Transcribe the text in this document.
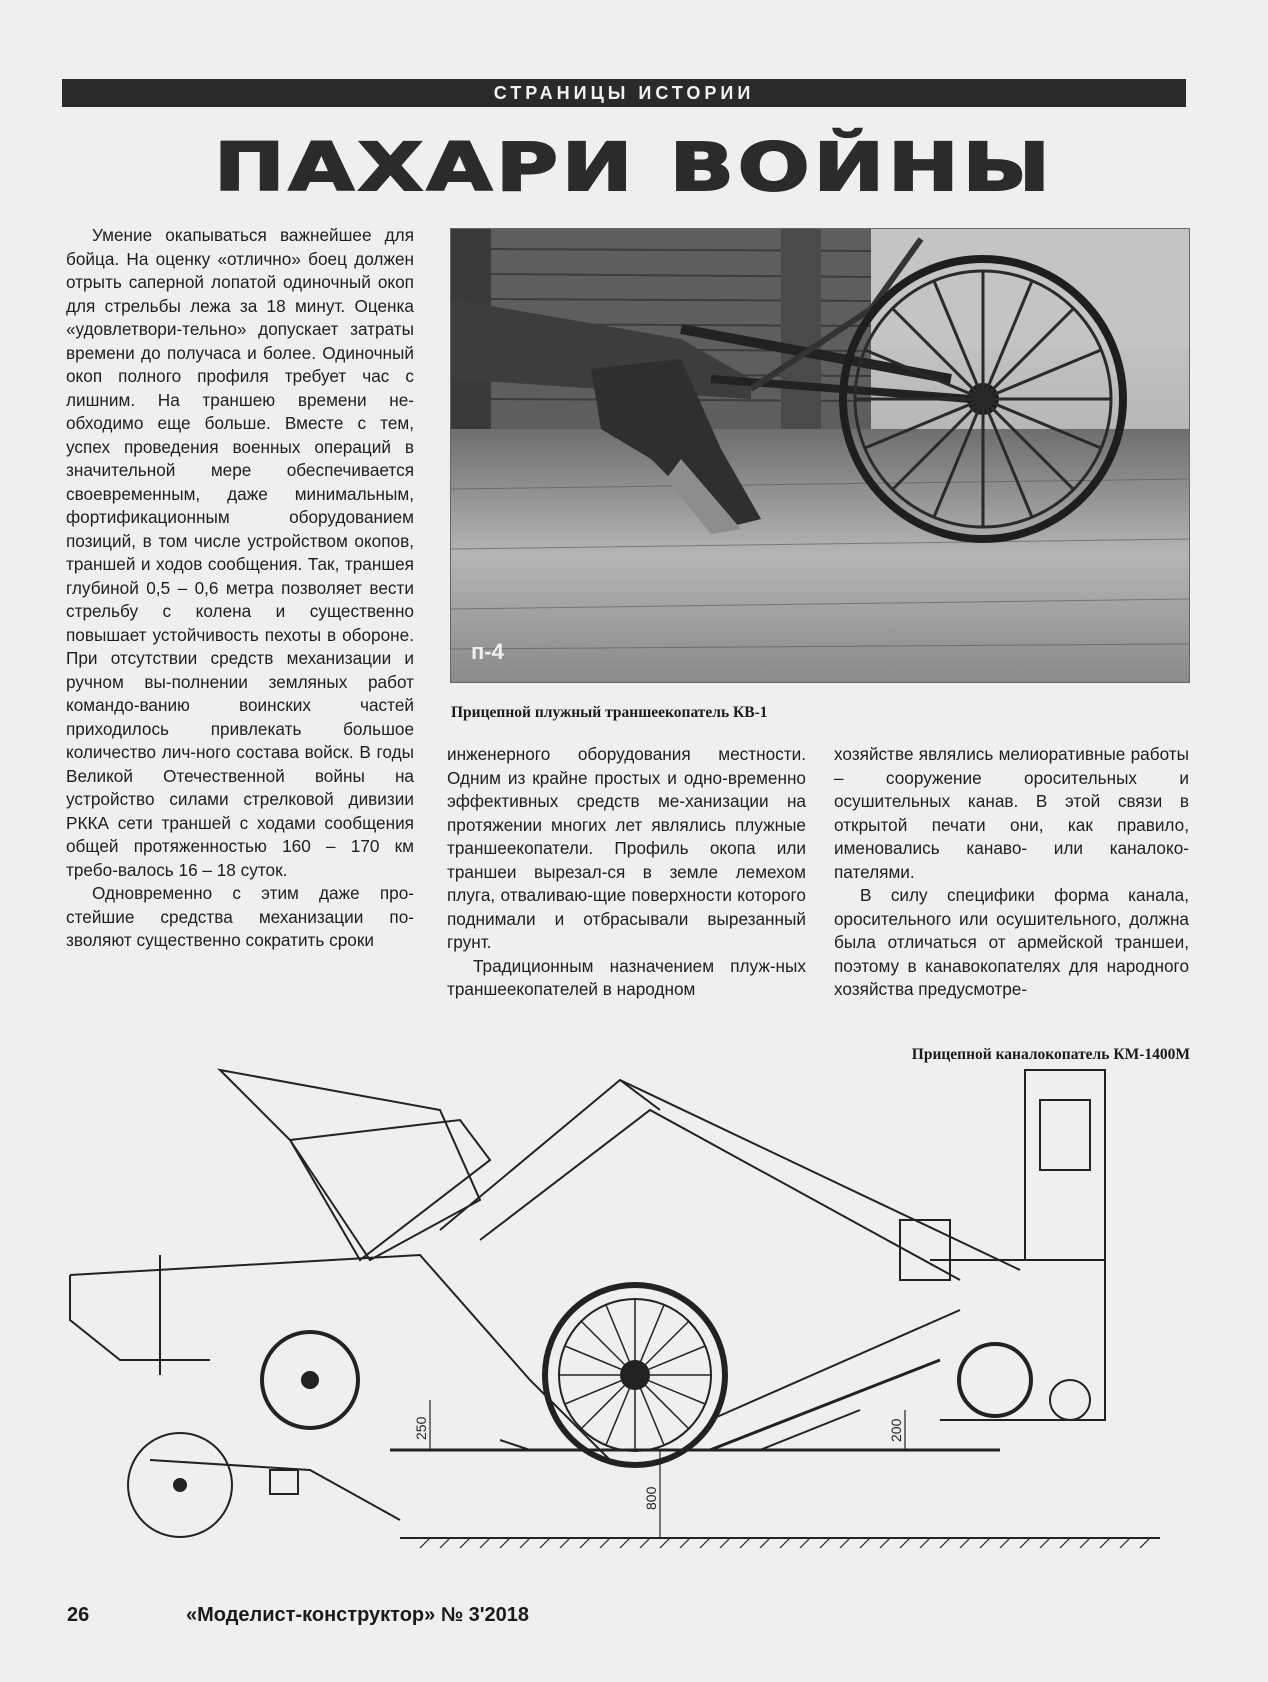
СТРАНИЦЫ ИСТОРИИ
ПАХАРИ ВОЙНЫ
Умение окапываться важнейшее для бойца. На оценку «отлично» боец должен отрыть саперной лопатой одиночный окоп для стрельбы лежа за 18 минут. Оценка «удовлетвори-тельно» допускает затраты времени до получаса и более. Одиночный окоп полного профиля требует час с лишним. На траншею времени не-обходимо еще больше. Вместе с тем, успех проведения военных операций в значительной мере обеспечивается своевременным, даже минимальным, фортификационным оборудованием позиций, в том числе устройством окопов, траншей и ходов сообщения. Так, траншея глубиной 0,5 – 0,6 метра позволяет вести стрельбу с колена и существенно повышает устойчивость пехоты в обороне. При отсутствии средств механизации и ручном вы-полнении земляных работ командо-ванию воинских частей приходилось привлекать большое количество лич-ного состава войск. В годы Великой Отечественной войны на устройство силами стрелковой дивизии РККА сети траншей с ходами сообщения общей протяженностью 160 – 170 км требо-валось 16 – 18 суток.
Одновременно с этим даже про-стейшие средства механизации по-зволяют существенно сократить сроки
п-4
Прицепной плужный траншеекопатель КВ-1
инженерного оборудования местности. Одним из крайне простых и одно-временно эффективных средств ме-ханизации на протяжении многих лет являлись плужные траншеекопатели. Профиль окопа или траншеи вырезал-ся в земле лемехом плуга, отваливаю-щие поверхности которого поднимали и отбрасывали вырезанный грунт.
Традиционным назначением плуж-ных траншеекопателей в народном
хозяйстве являлись мелиоративные работы – сооружение оросительных и осушительных канав. В этой связи в открытой печати они, как правило, именовались канаво- или каналоко-пателями.
В силу специфики форма канала, оросительного или осушительного, должна была отличаться от армейской траншеи, поэтому в канавокопателях для народного хозяйства предусмотре-
Прицепной каналокопатель КМ-1400М
250
800
200
26	«Моделист-конструктор» № 3'2018
